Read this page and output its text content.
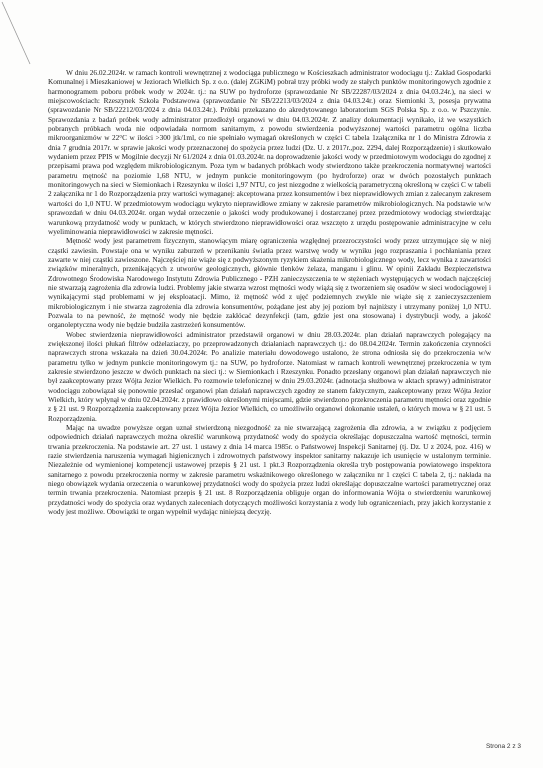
W dniu 26.02.2024r. w ramach kontroli wewnętrznej z wodociąga publicznego w Kościeszkach administrator wodociągu tj.: Zakład Gospodarki Komunalnej i Mieszkaniowej w Jeziorach Wielkich Sp. z o.o. (dalej ZGKiM) pobrał trzy próbki wody ze stałych punktów monitoringowych zgodnie z harmonogramem poboru próbek wody w 2024r. tj.: na SUW po hydroforze (sprawozdanie Nr SB/22287/03/2024 z dnia 04.03.24r.), na sieci w miejscowościach: Rzeszynek Szkoła Podstawowa (sprawozdanie Nr SB/22213/03/2024 z dnia 04.03.24r.) oraz Siemionki 3, posesja prywatna (sprawozdanie Nr SB/22212/03/2024 z dnia 04.03.24r.). Próbki przekazano do akredytowanego laboratorium SGS Polska Sp. z o.o. w Pszczynie. Sprawozdania z badań próbek wody administrator przedłożył organowi w dniu 04.03.2024r. Z analizy dokumentacji wynikało, iż we wszystkich pobranych próbkach woda nie odpowiadała normom sanitarnym, z powodu stwierdzenia podwyższonej wartości parametru ogólna liczba mikroorganizmów w 22°C w ilości >300 jtk/1ml, co nie spełniało wymagań określonych w części C tabela 1załącznika nr 1 do Ministra Zdrowia z dnia 7 grudnia 2017r. w sprawie jakości wody przeznaczonej do spożycia przez ludzi (Dz. U. z 2017r.,poz. 2294, dalej Rozporządzenie) i skutkowało wydaniem przez PPIS w Mogilnie decyzji Nr 61/2024 z dnia 01.03.2024r. na doprowadzenie jakości wody w przedmiotowym wodociągu do zgodnej z przepisami prawa pod względem mikrobiologicznym. Poza tym w badanych próbkach wody stwierdzono także przekroczenia normatywnej wartości parametru mętność na poziomie 1,68 NTU, w jednym punkcie monitoringowym (po hydroforze) oraz w dwóch pozostałych punktach monitoringowych na sieci w Siemionkach i Rzeszynku w ilości 1,97 NTU, co jest niezgodne z wielkością parametryczną określoną w części C w tabeli 2 załącznika nr 1 do Rozporządzenia przy wartości wymaganej: akceptowana przez konsumentów i bez nieprawidłowych zmian z zalecanym zakresem wartości do 1,0 NTU. W przedmiotowym wodociągu wykryto nieprawidłowe zmiany w zakresie parametrów mikrobiologicznych. Na podstawie w/w sprawozdań w dniu 04.03.2024r. organ wydał orzeczenie o jakości wody produkowanej i dostarczanej przez przedmiotowy wodociąg stwierdzając warunkową przydatność wody w punktach, w których stwierdzono nieprawidłowości oraz wszczęto z urzędu postępowanie administracyjne w celu wyeliminowania nieprawidłowości w zakresie mętności.

Mętność wody jest parametrem fizycznym, stanowiącym miarę ograniczenia względnej przezroczystości wody przez utrzymujące się w niej cząstki zawiesin. Powstaje ona w wyniku zaburzeń w przenikaniu światła przez warstwę wody w wyniku jego rozpraszania i pochłaniania przez zawarte w niej cząstki zawieszone. Najczęściej nie wiąże się z podwyższonym ryzykiem skażenia mikrobiologicznego wody, lecz wynika z zawartości związków mineralnych, przenikających z utworów geologicznych, głównie tlenków żelaza, manganu i glinu. W opinii Zakładu Bezpieczeństwa Zdrowotnego Środowiska Narodowego Instytutu Zdrowia Publicznego - PZH zanieczyszczenia te w stężeniach występujących w wodach najczęściej nie stwarzają zagrożenia dla zdrowia ludzi. Problemy jakie stwarza wzrost mętności wody wiążą się z tworzeniem się osadów w sieci wodociągowej i wynikającymi stąd problemami w jej eksploatacji. Mimo, iż mętność wód z ujęć podziemnych zwykle nie wiąże się z zanieczyszczeniem mikrobiologicznym i nie stwarza zagrożenia dla zdrowia konsumentów, pożądane jest aby jej poziom był najniższy i utrzymany poniżej 1,0 NTU. Pozwala to na pewność, że mętność wody nie będzie zakłócać dezynfekcji (tam, gdzie jest ona stosowana) i dystrybucji wody, a jakość organoleptyczna wody nie będzie budziła zastrzeżeń konsumentów.

Wobec stwierdzenia nieprawidłowości administrator przedstawił organowi w dniu 28.03.2024r. plan działań naprawczych polegający na zwiększonej ilości płukań filtrów odżelaziaczy, po przeprowadzonych działaniach naprawczych tj.: do 08.04.2024r. Termin zakończenia czynności naprawczych strona wskazała na dzień 30.04.2024r. Po analizie materiału dowodowego ustalono, że strona odniosła się do przekroczenia w/w parametru tylko w jednym punkcie monitoringowym tj.: na SUW, po hydroforze. Natomiast w ramach kontroli wewnętrznej przekroczenia w tym zakresie stwierdzono jeszcze w dwóch punktach na sieci tj.: w Siemionkach i Rzeszynku. Ponadto przesłany organowi plan działań naprawczych nie był zaakceptowany przez Wójta Jezior Wielkich. Po rozmowie telefonicznej w dniu 29.03.2024r. (adnotacja służbowa w aktach sprawy) administrator wodociągu zobowiązał się ponownie przesłać organowi plan działań naprawczych zgodny ze stanem faktycznym, zaakceptowany przez Wójta Jezior Wielkich, który wpłynął w dniu 02.04.2024r. z prawidłowo określonymi miejscami, gdzie stwierdzono przekroczenia parametru mętności oraz zgodnie z § 21 ust. 9 Rozporządzenia zaakceptowany przez Wójta Jezior Wielkich, co umożliwiło organowi dokonanie ustaleń, o których mowa w § 21 ust. 5 Rozporządzenia.

Mając na uwadze powyższe organ uznał stwierdzoną niezgodność za nie stwarzającą zagrożenia dla zdrowia, a w związku z podjęciem odpowiednich działań naprawczych można określić warunkową przydatność wody do spożycia określając dopuszczalna wartość mętności, termin trwania przekroczenia. Na podstawie art. 27 ust. 1 ustawy z dnia 14 marca 1985r. o Państwowej Inspekcji Sanitarnej (tj. Dz. U z 2024, poz. 416) w razie stwierdzenia naruszenia wymagań higienicznych i zdrowotnych państwowy inspektor sanitarny nakazuje ich usunięcie w ustalonym terminie. Niezależnie od wymienionej kompetencji ustawowej przepis § 21 ust. 1 pkt.3 Rozporządzenia określa tryb postępowania powiatowego inspektora sanitarnego z powodu przekroczenia normy w zakresie parametru wskaźnikowego określonego w załączniku nr 1 części C tabela 2, tj.: nakłada na niego obowiązek wydania orzeczenia o warunkowej przydatności wody do spożycia przez ludzi określając dopuszczalne wartości parametrycznej oraz termin trwania przekroczenia. Natomiast przepis § 21 ust. 8 Rozporządzenia obliguje organ do informowania Wójta o stwierdzeniu warunkowej przydatności wody do spożycia oraz wydanych zaleceniach dotyczących możliwości korzystania z wody lub ograniczeniach, przy jakich korzystanie z wody jest możliwe. Obowiązki te organ wypełnił wydając niniejszą decyzję.

Strona 2 z 3
